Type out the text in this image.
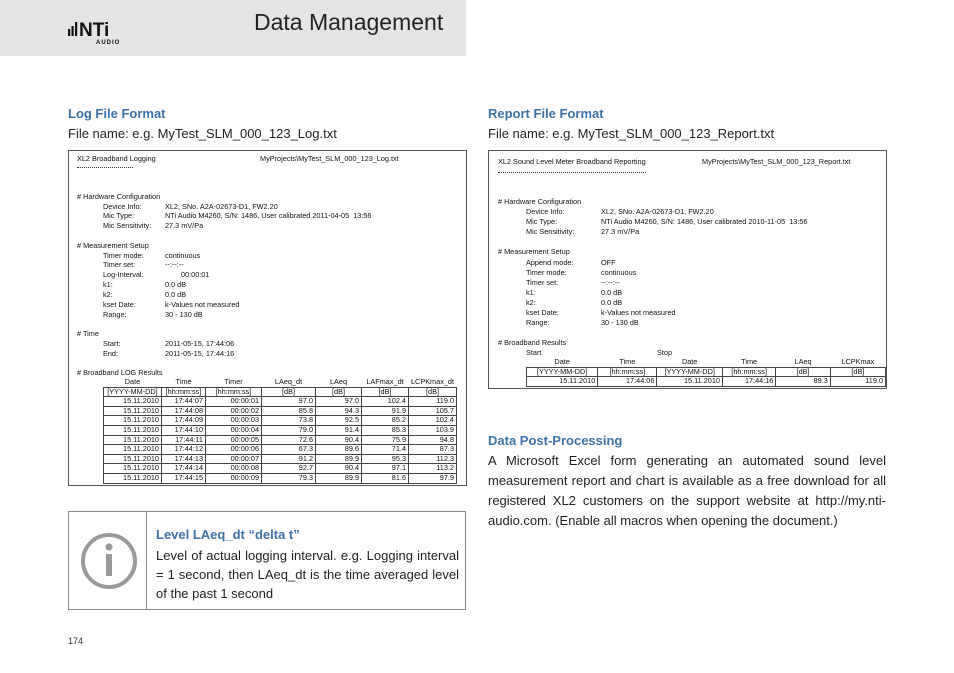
NTi
AUDIO
Data Management
Log File Format
File name: e.g. MyTest_SLM_000_123_Log.txt
XL2 Broadband Logging	MyProjects\MyTest_SLM_000_123_Log.txt
# Hardware Configuration
Device Info:	XL2, SNo. A2A-02673-D1, FW2.20
Mic Type:	NTi Audio M4260, S/N: 1486, User calibrated 2011-04-05  13:56
Mic Sensitivity: 27.3 mV/Pa
# Measurement Setup
Timer mode:	continuous
Timer set:	--:--:--
Log-Interval:	00:00:01
k1:	0.0 dB
k2:	0.0 dB
kset Date:	k-Values not measured
Range:	30 - 130 dB
# Time
Start:	2011-05-15, 17:44:06
End:	2011-05-15, 17:44:16
# Broadband LOG Results
Date	Time	Timer	LAeq_dt	LAeq	LAFmax_dt	LCPKmax_dt
[YYYY-MM-DD]	[hh:mm:ss]	[hh:mm:ss]	[dB]	[dB]	[dB]	[dB]
15.11.2010	17:44:07	00:00:01	97.0	97.0	102.4	119.0
15.11.2010	17:44:08	00:00:02	85.8	94.3	91.9	105.7
15.11.2010	17:44:09	00:00:03	73.8	92.5	85.2	102.4
15.11.2010	17:44:10	00:00:04	79.0	91.4	85.3	103.9
15.11.2010	17:44:11	00:00:05	72.6	90.4	75.9	94.8
15.11.2010	17:44:12	00:00:06	67.3	89.6	71.4	87.3
15.11.2010	17:44:13	00:00:07	91.2	89.9	95.3	112.3
15.11.2010	17:44:14	00:00:08	92.7	90.4	97.1	113.2
15.11.2010	17:44:15	00:00:09	79.3	89.9	81.6	97.9
Report File Format
File name: e.g. MyTest_SLM_000_123_Report.txt
XL2 Sound Level Meter Broadband Reporting	MyProjects\MyTest_SLM_000_123_Report.txt
# Hardware Configuration
Device Info:	XL2, SNo. A2A-02673-D1, FW2.20
Mic Type:	NTi Audio M4260, S/N: 1486, User calibrated 2010-11-05  13:56
Mic Sensitivity:	27.3 mV/Pa
# Measurement Setup
Append mode:	OFF
Timer mode:	continuous
Timer set:	--:--:--
k1:	0.0 dB
k2:	0.0 dB
kset Date:	k-Values not measured
Range:	30 - 130 dB
# Broadband Results
Start	Stop
Date	Time	Date	Time	LAeq	LCPKmax
[YYYY-MM-DD]	[hh:mm:ss]	[YYYY-MM-DD]	[hh:mm:ss]	[dB]	[dB]
15.11.2010	17:44:06	15.11.2010	17:44:16	89.3	119.0
Level LAeq_dt “delta t”
Level of actual logging interval. e.g. Logging interval = 1 second, then LAeq_dt is the time averaged level of the past 1 second
Data Post-Processing
A Microsoft Excel form generating an automated sound level measurement report and chart is available as a free download for all registered XL2 customers on the support website at http://my.nti-audio.com. (Enable all macros when opening the document.)
174
